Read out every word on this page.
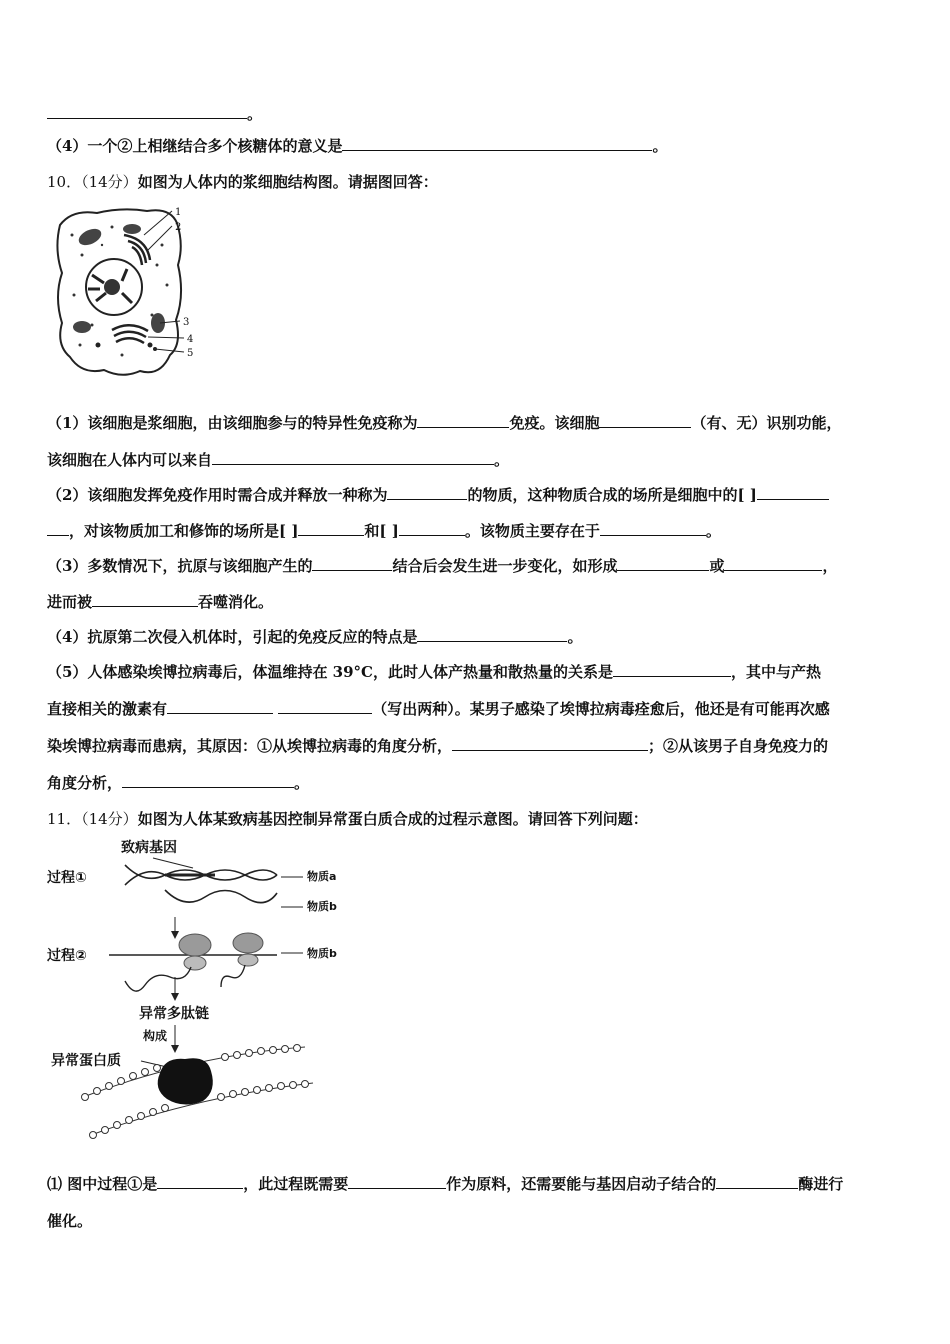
。
（4）一个②上相继结合多个核糖体的意义是	。
10．（14分）如图为人体内的浆细胞结构图。请据图回答：
1
2
3
4
5
（1）该细胞是浆细胞，由该细胞参与的特异性免疫称为	免疫。该细胞	（有、无）识别功能，
该细胞在人体内可以来自	。
（2）该细胞发挥免疫作用时需合成并释放一种称为	的物质，这种物质合成的场所是细胞中的[ ]
，对该物质加工和修饰的场所是[ ]	和[ ]	。该物质主要存在于	。
（3）多数情况下，抗原与该细胞产生的	结合后会发生进一步变化，如形成	或	，
进而被	吞噬消化。
（4）抗原第二次侵入机体时，引起的免疫反应的特点是	。
（5）人体感染埃博拉病毒后，体温维持在 39°C，此时人体产热量和散热量的关系是	，其中与产热
直接相关的激素有	（写出两种）。某男子感染了埃博拉病毒痊愈后，他还是有可能再次感
染埃博拉病毒而患病，其原因：①从埃博拉病毒的角度分析，	；②从该男子自身免疫力的
角度分析，	。
11．（14分）如图为人体某致病基因控制异常蛋白质合成的过程示意图。请回答下列问题：
致病基因
过程①
过程②
物质a
物质b
物质b
异常多肽链
构成
异常蛋白质
⑴ 图中过程①是	，此过程既需要	作为原料，还需要能与基因启动子结合的	酶进行
催化。
